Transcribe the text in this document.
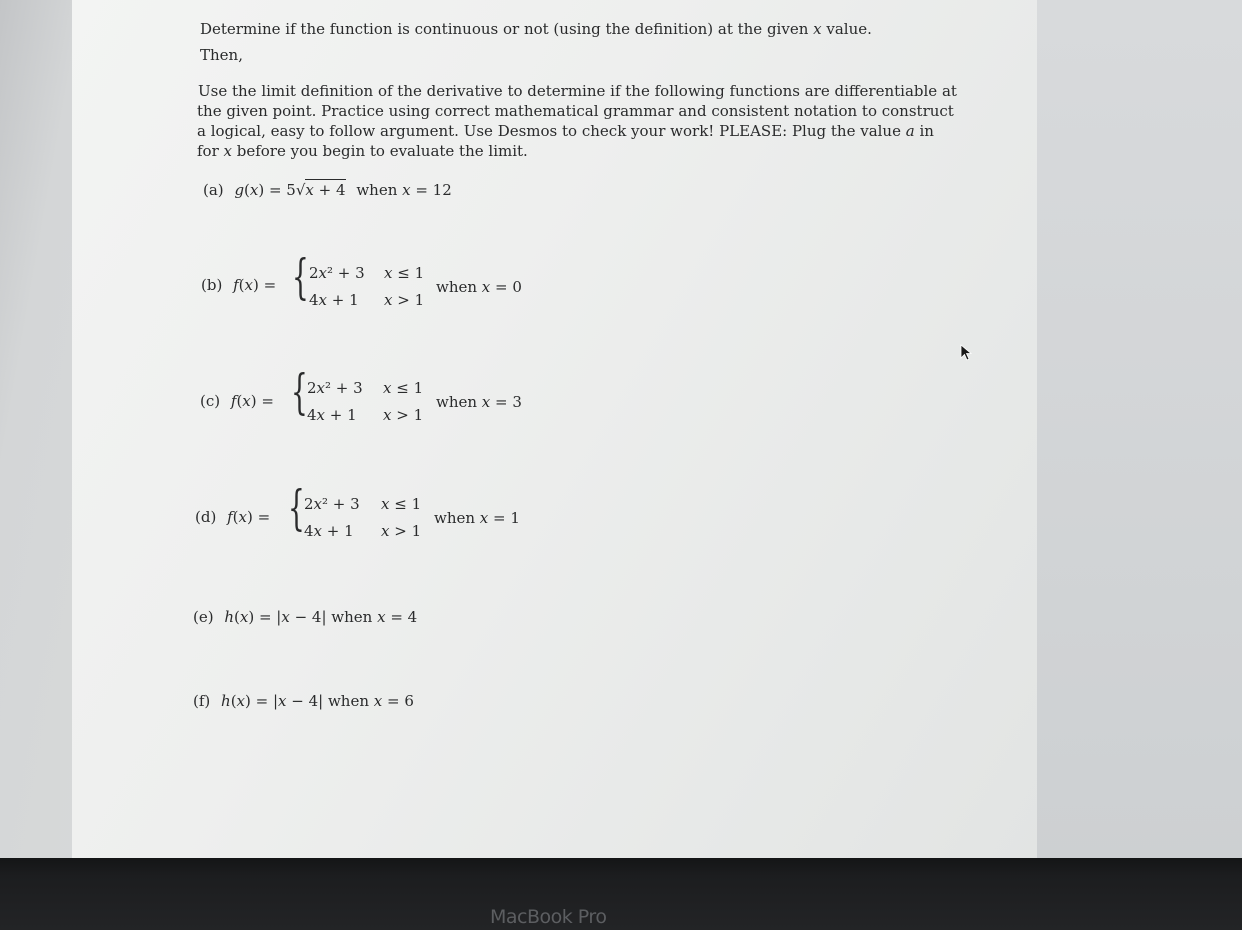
Determine if the function is continuous or not (using the definition) at the given 𝑥 value.
Then,
Use the limit definition of the derivative to determine if the following functions are differentiable at
the given point. Practice using correct mathematical grammar and consistent notation to construct
a logical, easy to follow argument. Use Desmos to check your work! PLEASE: Plug the value 𝑎 in
for 𝑥 before you begin to evaluate the limit.
(a) 𝑔(𝑥) = 5√𝑥 + 4 when 𝑥 = 12
(b) 𝑓(𝑥) = { 2𝑥² + 3 𝑥 ≤ 1
4𝑥 + 1 𝑥 > 1
when 𝑥 = 0
(c) 𝑓(𝑥) = { 2𝑥² + 3 𝑥 ≤ 1
4𝑥 + 1 𝑥 > 1
when 𝑥 = 3
(d) 𝑓(𝑥) = { 2𝑥² + 3 𝑥 ≤ 1
4𝑥 + 1 𝑥 > 1
when 𝑥 = 1
(e) ℎ(𝑥) = |𝑥 − 4| when 𝑥 = 4
(f) ℎ(𝑥) = |𝑥 − 4| when 𝑥 = 6
MacBook Pro
